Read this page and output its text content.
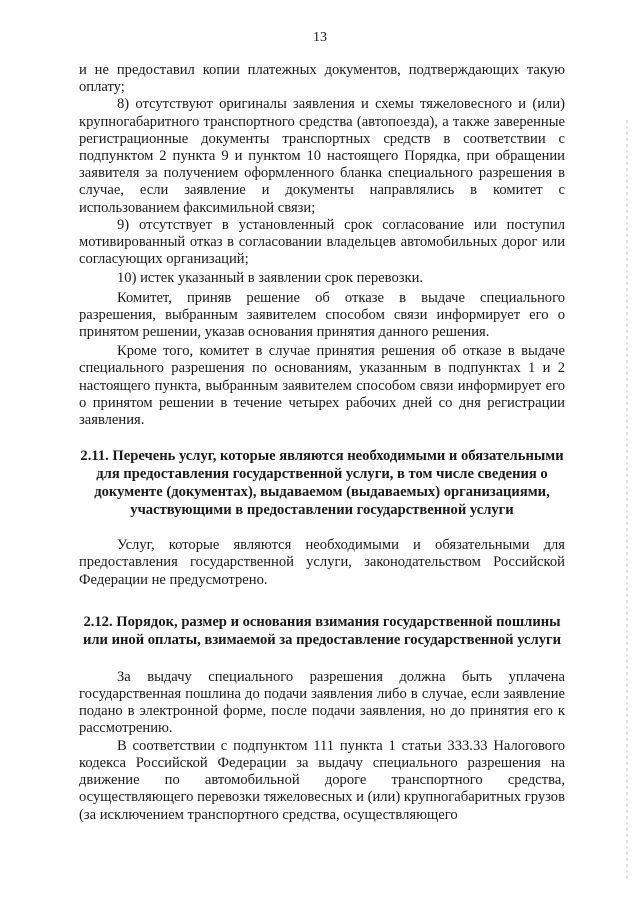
13

и не предоставил копии платежных документов, подтверждающих такую оплату;

8) отсутствуют оригиналы заявления и схемы тяжеловесного и (или) крупногабаритного транспортного средства (автопоезда), а также заверенные регистрационные документы транспортных средств в соответствии с подпунктом 2 пункта 9 и пунктом 10 настоящего Порядка, при обращении заявителя за получением оформленного бланка специального разрешения в случае, если заявление и документы направлялись в комитет с использованием факсимильной связи;

9) отсутствует в установленный срок согласование или поступил мотивированный отказ в согласовании владельцев автомобильных дорог или согласующих организаций;

10) истек указанный в заявлении срок перевозки.

Комитет, приняв решение об отказе в выдаче специального разрешения, выбранным заявителем способом связи информирует его о принятом решении, указав основания принятия данного решения.

Кроме того, комитет в случае принятия решения об отказе в выдаче специального разрешения по основаниям, указанным в подпунктах 1 и 2 настоящего пункта, выбранным заявителем способом связи информирует его о принятом решении в течение четырех рабочих дней со дня регистрации заявления.

2.11. Перечень услуг, которые являются необходимыми и обязательными для предоставления государственной услуги, в том числе сведения о документе (документах), выдаваемом (выдаваемых) организациями, участвующими в предоставлении государственной услуги

Услуг, которые являются необходимыми и обязательными для предоставления государственной услуги, законодательством Российской Федерации не предусмотрено.

2.12. Порядок, размер и основания взимания государственной пошлины или иной оплаты, взимаемой за предоставление государственной услуги

За выдачу специального разрешения должна быть уплачена государственная пошлина до подачи заявления либо в случае, если заявление подано в электронной форме, после подачи заявления, но до принятия его к рассмотрению.

В соответствии с подпунктом 111 пункта 1 статьи 333.33 Налогового кодекса Российской Федерации за выдачу специального разрешения на движение по автомобильной дороге транспортного средства, осуществляющего перевозки тяжеловесных и (или) крупногабаритных грузов (за исключением транспортного средства, осуществляющего
